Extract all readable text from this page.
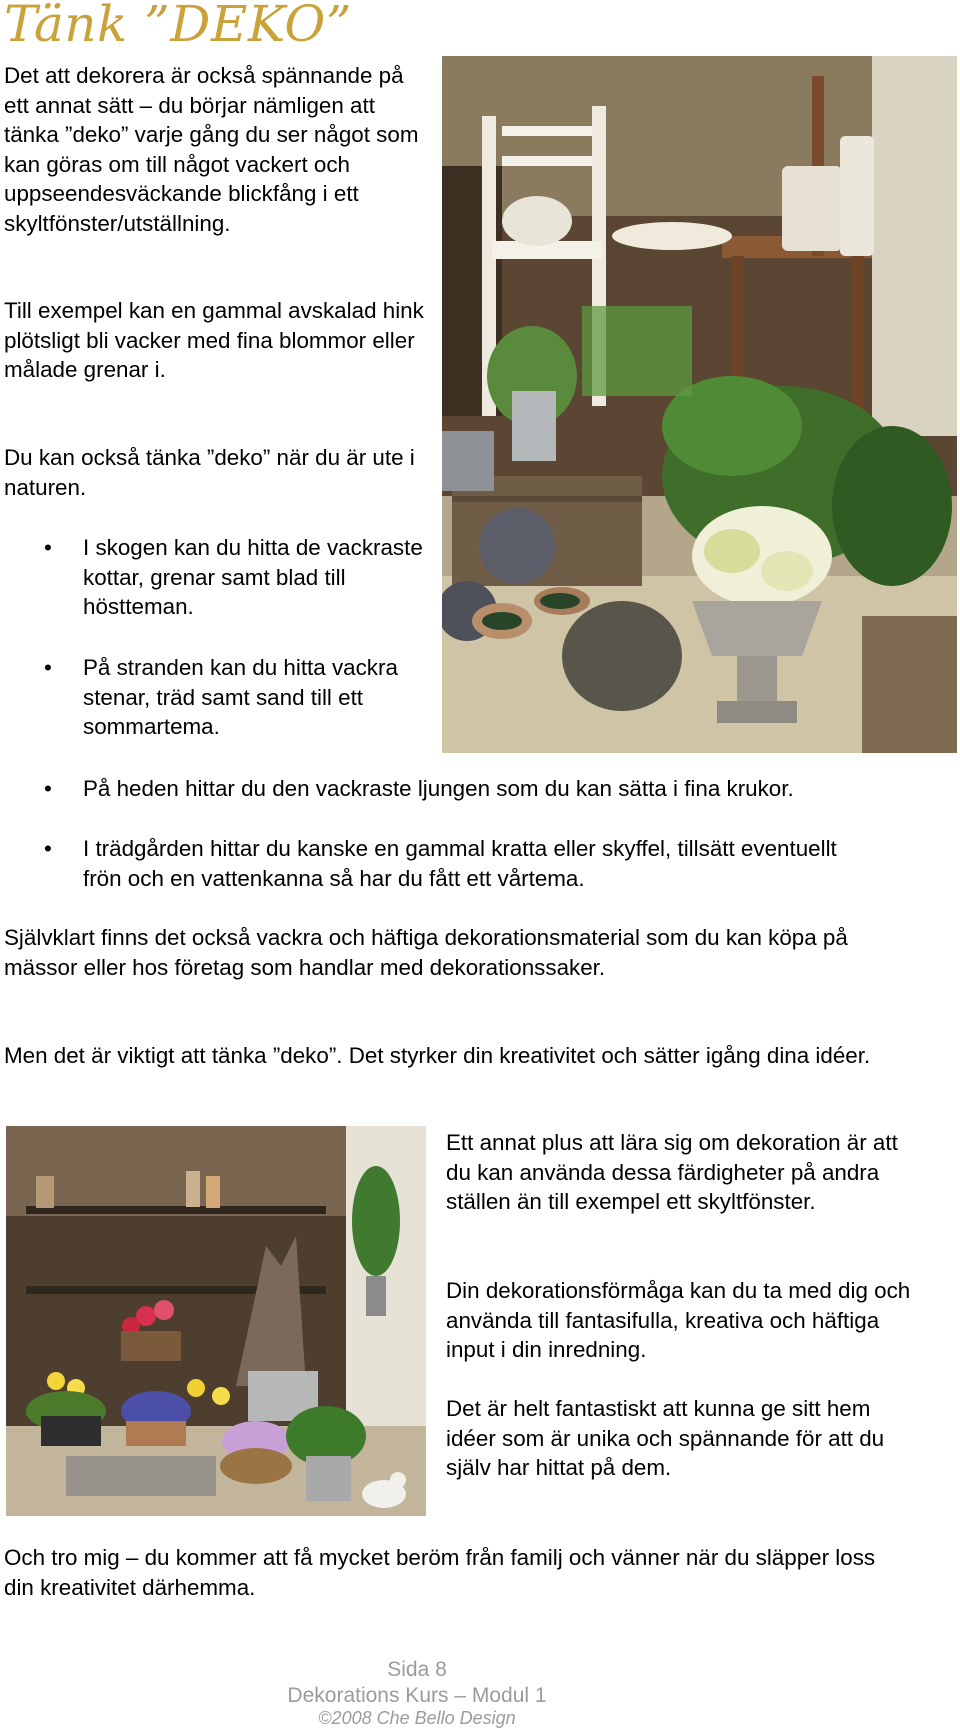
Tänk ”DEKO”

Det att dekorera är också spännande på ett annat sätt – du börjar nämligen att tänka ”deko” varje gång du ser något som kan göras om till något vackert och uppseendesväckande blickfång i ett skyltfönster/utställning.

Till exempel kan en gammal avskalad hink plötsligt bli vacker med fina blommor eller målade grenar i.

Du kan också tänka ”deko” när du är ute i naturen.

• I skogen kan du hitta de vackraste kottar, grenar samt blad till höstteman.
• På stranden kan du hitta vackra stenar, träd samt sand till ett sommartema.
• På heden hittar du den vackraste ljungen som du kan sätta i fina krukor.
• I trädgården hittar du kanske en gammal kratta eller skyffel, tillsätt eventuellt frön och en vattenkanna så har du fått ett vårtema.

Självklart finns det också vackra och häftiga dekorationsmaterial som du kan köpa på mässor eller hos företag som handlar med dekorationssaker.

Men det är viktigt att tänka ”deko”. Det styrker din kreativitet och sätter igång dina idéer.

Ett annat plus att lära sig om dekoration är att du kan använda dessa färdigheter på andra ställen än till exempel ett skyltfönster.

Din dekorationsförmåga kan du ta med dig och använda till fantasifulla, kreativa och häftiga input i din inredning.

Det är helt fantastiskt att kunna ge sitt hem idéer som är unika och spännande för att du själv har hittat på dem.

Och tro mig – du kommer att få mycket beröm från familj och vänner när du släpper loss din kreativitet därhemma.

Sida 8

Dekorations Kurs – Modul 1

©2008 Che Bello Design
